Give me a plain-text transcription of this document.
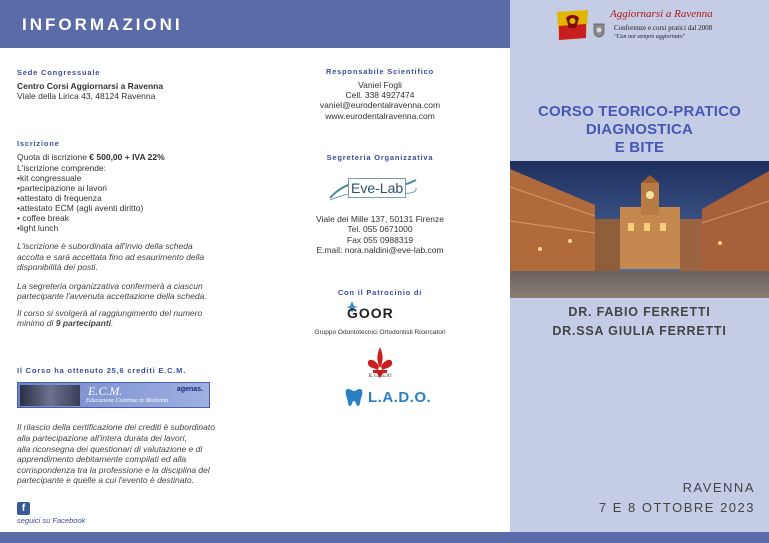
INFORMAZIONI
Sede Congressuale
Centro Corsi Aggiornarsi a Ravenna
Viale della Lirica 43, 48124 Ravenna
Iscrizione
Quota di iscrizione € 500,00 + IVA 22%
L'iscrizione comprende:
•kit congressuale
•partecipazione ai lavori
•attestato di frequenza
•attestato ECM (agli aventi diritto)
• coffee break
•light lunch
L'iscrizione è subordinata all'invio della scheda
accolta e sarà accettata fino ad esaurimento della
disponibilità dei posti.
La segreteria organizzativa confermerà a ciascun
partecipante l'avvenuta accettazione della scheda.
Il corso si svolgerà al raggiungimento del numero
minimo di 9 partecipanti.
Il Corso ha ottenuto 25,6 crediti E.C.M.
E.C.M.
Educazione Continua in Medicina
agenas.
Il rilascio della certificazione dei crediti è subordinato
alla partecipazione all'intera durata dei lavori,
alla riconsegna dei questionari di valutazione e di
apprendimento debitamente compilati ed alla
corrispondenza tra la professione e la disciplina del
partecipante e quelle a cui l'evento è destinato.
f
seguici su Facebook
Responsabile Scientifico
Vaniel Fogli
Cell. 338 4927474
vaniel@eurodentalravenna.com
www.eurodentalravenna.com
Segreteria Organizzativa
Eve-Lab
Viale dei Mille 137, 50131 Firenze
Tel. 055 0671000
Fax 055 0988319
E.mail: nora.naldini@eve-lab.com
Con il Patrocinio di
GOOR
Gruppo Odontotecnici Ortodontisti Ricercatori
IL GIGLIO
L.A.D.O.
Aggiornarsi a Ravenna
Conferenze e corsi pratici dal 2008
"Con noi sempre aggiornato"
CORSO TEORICO-PRATICO
DIAGNOSTICA
E BITE
DR. FABIO FERRETTI
DR.SSA GIULIA FERRETTI
RAVENNA
7 E 8 OTTOBRE 2023
